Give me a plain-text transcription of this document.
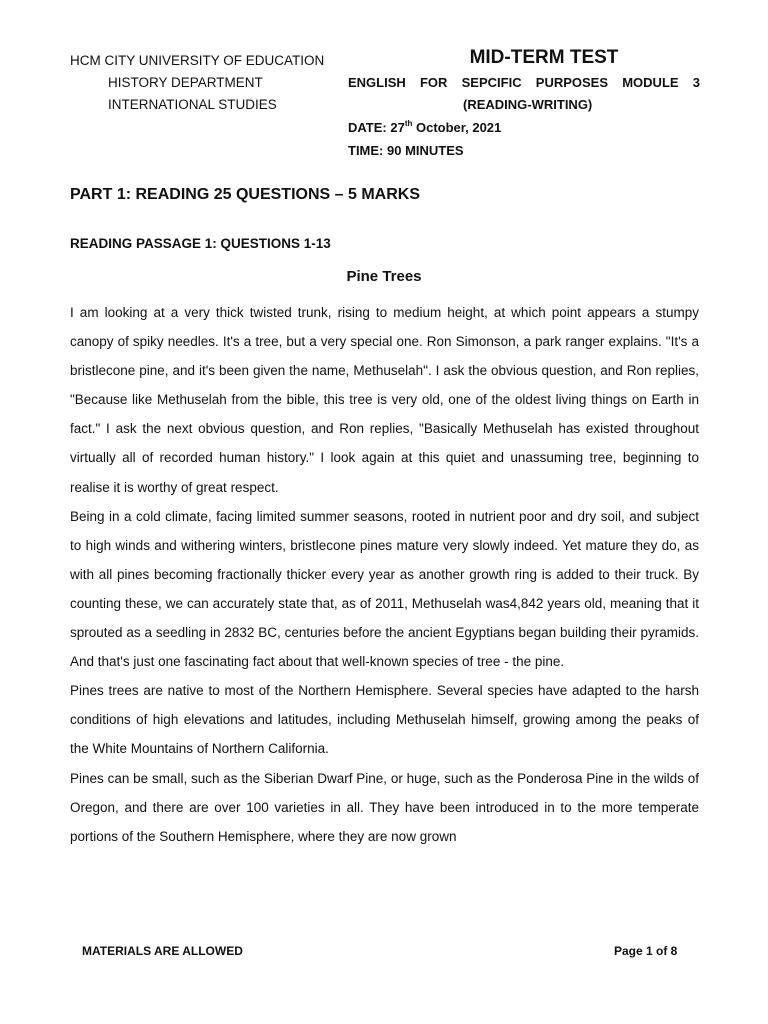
HCM CITY UNIVERSITY OF EDUCATION
HISTORY DEPARTMENT
INTERNATIONAL STUDIES
MID-TERM TEST
ENGLISH FOR SEPCIFIC PURPOSES MODULE 3
(READING-WRITING)
DATE: 27th October, 2021
TIME: 90 MINUTES
PART 1: READING 25 QUESTIONS – 5 MARKS
READING PASSAGE 1: QUESTIONS 1-13
Pine Trees

I am looking at a very thick twisted trunk, rising to medium height, at which point appears a stumpy canopy of spiky needles. It's a tree, but a very special one. Ron Simonson, a park ranger explains. "It's a bristlecone pine, and it's been given the name, Methuselah". I ask the obvious question, and Ron replies, "Because like Methuselah from the bible, this tree is very old, one of the oldest living things on Earth in fact." I ask the next obvious question, and Ron replies, "Basically Methuselah has existed throughout virtually all of recorded human history." I look again at this quiet and unassuming tree, beginning to realise it is worthy of great respect.

Being in a cold climate, facing limited summer seasons, rooted in nutrient poor and dry soil, and subject to high winds and withering winters, bristlecone pines mature very slowly indeed. Yet mature they do, as with all pines becoming fractionally thicker every year as another growth ring is added to their truck. By counting these, we can accurately state that, as of 2011, Methuselah was4,842 years old, meaning that it sprouted as a seedling in 2832 BC, centuries before the ancient Egyptians began building their pyramids. And that's just one fascinating fact about that well-known species of tree - the pine.

Pines trees are native to most of the Northern Hemisphere. Several species have adapted to the harsh conditions of high elevations and latitudes, including Methuselah himself, growing among the peaks of the White Mountains of Northern California.

Pines can be small, such as the Siberian Dwarf Pine, or huge, such as the Ponderosa Pine in the wilds of Oregon, and there are over 100 varieties in all. They have been introduced in to the more temperate portions of the Southern Hemisphere, where they are now grown

MATERIALS ARE ALLOWED	Page 1 of 8
